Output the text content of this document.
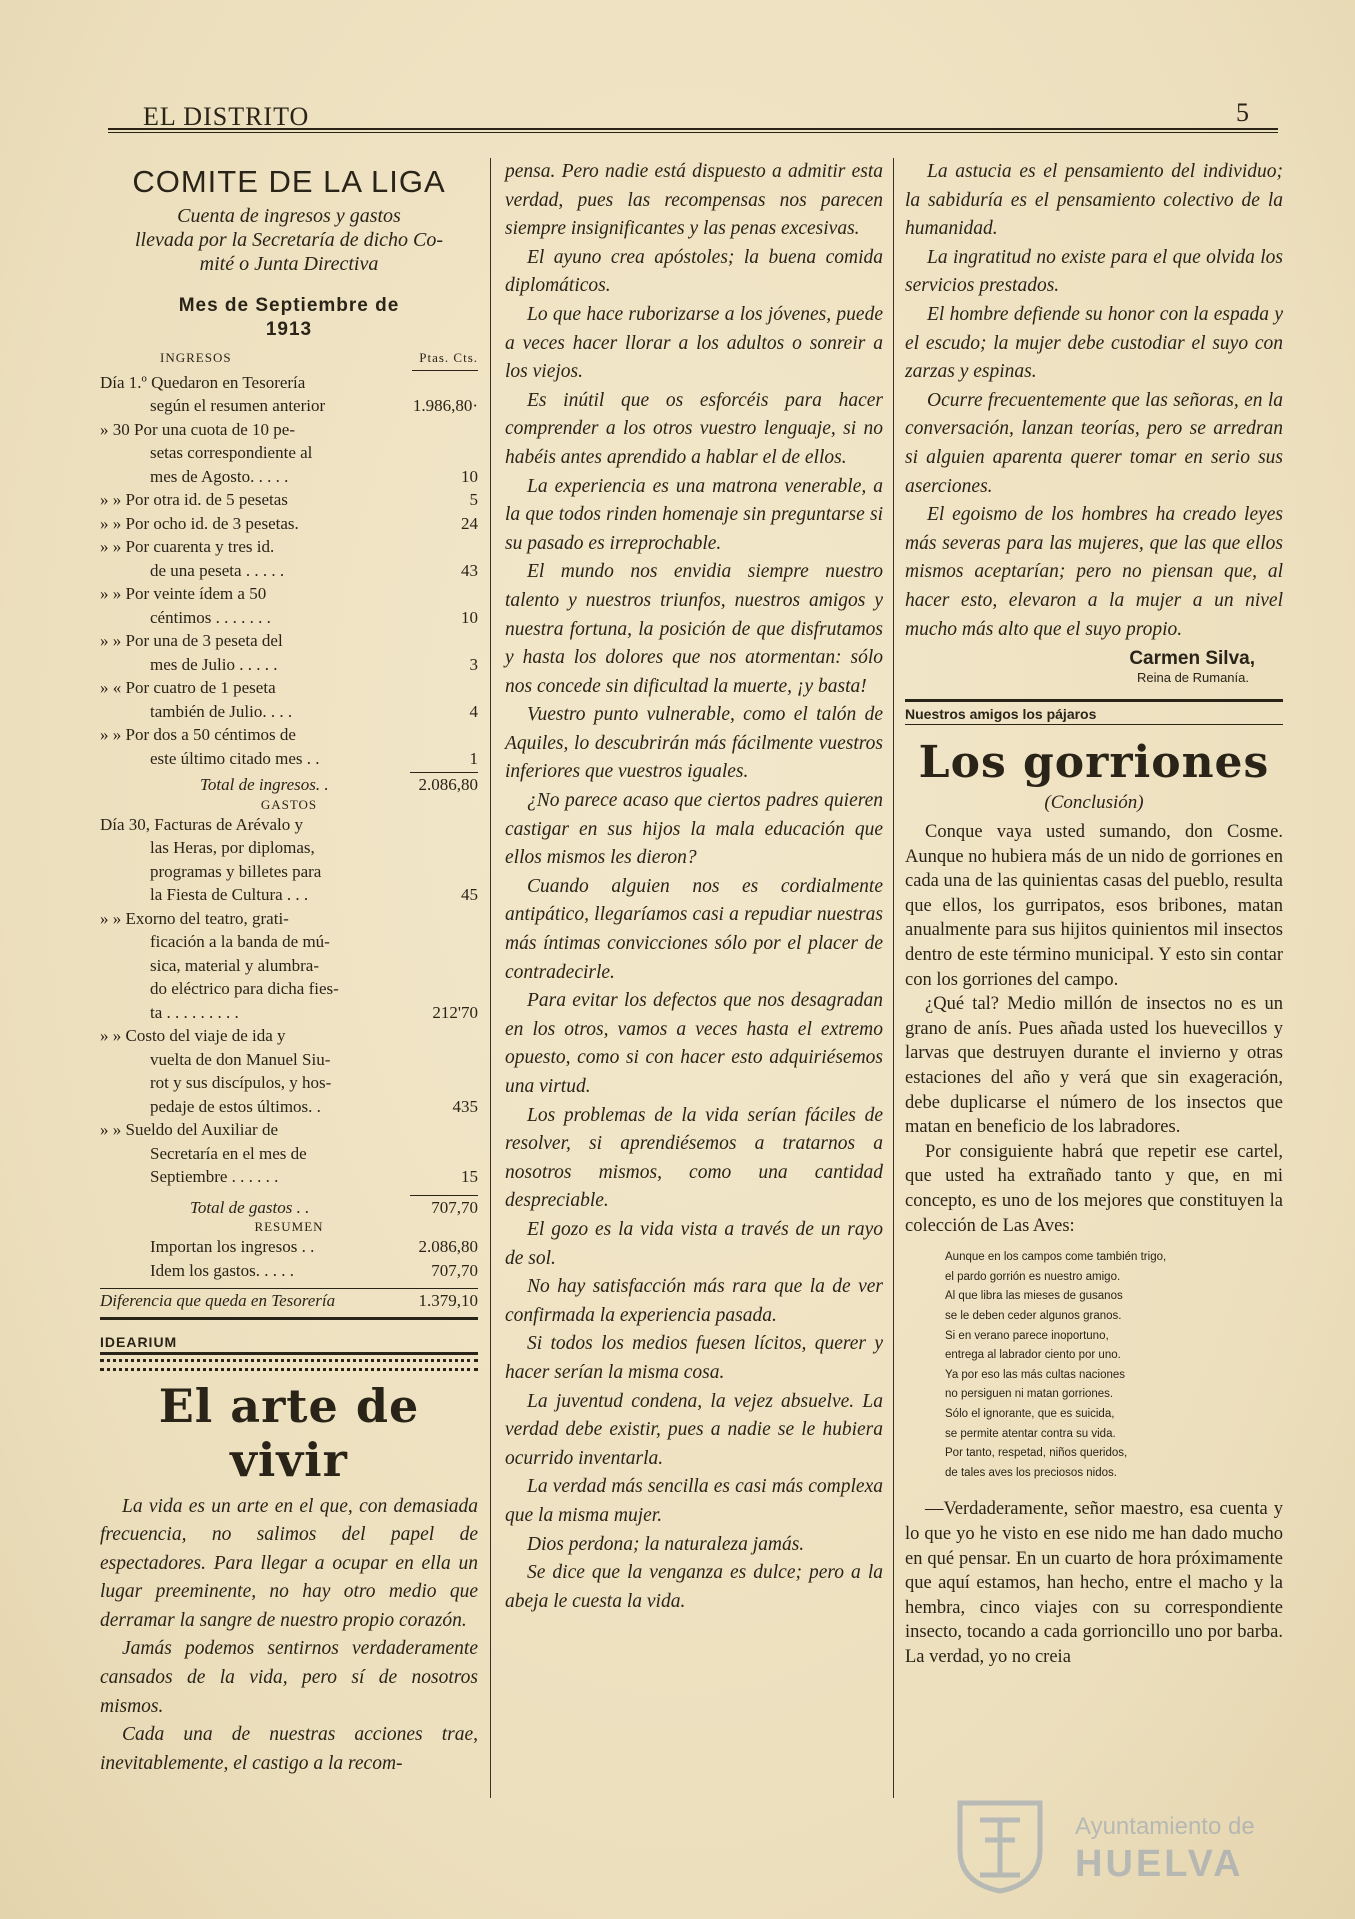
EL DISTRITO	5
COMITE DE LA LIGA
Cuenta de ingresos y gastos
llevada por la Secretaría de dicho Co-
mité o Junta Directiva
Mes de Septiembre de
1913
INGRESOS	Ptas. Cts.
Día 1.º Quedaron en Tesorería
según el resumen anterior	1.986,80·
» 30 Por una cuota de 10 pe-
setas correspondiente al
mes de Agosto. . . . .	10
» » Por otra id. de 5 pesetas	5
» » Por ocho id. de 3 pesetas.	24
» » Por cuarenta y tres id.
de una peseta . . . . .	43
» » Por veinte ídem a 50
céntimos . . . . . . .	10
» » Por una de 3 peseta del
mes de Julio . . . . .	3
» « Por cuatro de 1 peseta
también de Julio. . . .	4
» » Por dos a 50 céntimos de
este último citado mes . .	1
Total de ingresos. .	2.086,80
GASTOS
Día 30, Facturas de Arévalo y
las Heras, por diplomas,
programas y billetes para
la Fiesta de Cultura . . .	45
» » Exorno del teatro, grati-
ficación a la banda de mú-
sica, material y alumbra-
do eléctrico para dicha fies-
ta . . . . . . . . .	212'70
» » Costo del viaje de ida y
vuelta de don Manuel Siu-
rot y sus discípulos, y hos-
pedaje de estos últimos. .	435
» » Sueldo del Auxiliar de
Secretaría en el mes de
Septiembre . . . . . .	15
Total de gastos . .	707,70
RESUMEN
Importan los ingresos . .	2.086,80
Idem los gastos. . . . .	707,70
Diferencia que queda en Tesorería	1.379,10
IDEARIUM
El arte de vivir

La vida es un arte en el que, con demasiada frecuencia, no salimos del papel de espectadores. Para llegar a ocupar en ella un lugar preeminente, no hay otro medio que derramar la sangre de nuestro propio corazón.

Jamás podemos sentirnos verdaderamente cansados de la vida, pero sí de nosotros mismos.

Cada una de nuestras acciones trae, inevitablemente, el castigo a la recom-

pensa. Pero nadie está dispuesto a admitir esta verdad, pues las recompensas nos parecen siempre insignificantes y las penas excesivas.

El ayuno crea apóstoles; la buena comida diplomáticos.

Lo que hace ruborizarse a los jóvenes, puede a veces hacer llorar a los adultos o sonreir a los viejos.

Es inútil que os esforcéis para hacer comprender a los otros vuestro lenguaje, si no habéis antes aprendido a hablar el de ellos.

La experiencia es una matrona venerable, a la que todos rinden homenaje sin preguntarse si su pasado es irreprochable.

El mundo nos envidia siempre nuestro talento y nuestros triunfos, nuestros amigos y nuestra fortuna, la posición de que disfrutamos y hasta los dolores que nos atormentan: sólo nos concede sin dificultad la muerte, ¡y basta!

Vuestro punto vulnerable, como el talón de Aquiles, lo descubrirán más fácilmente vuestros inferiores que vuestros iguales.

¿No parece acaso que ciertos padres quieren castigar en sus hijos la mala educación que ellos mismos les dieron?

Cuando alguien nos es cordialmente antipático, llegaríamos casi a repudiar nuestras más íntimas convicciones sólo por el placer de contradecirle.

Para evitar los defectos que nos desagradan en los otros, vamos a veces hasta el extremo opuesto, como si con hacer esto adquiriésemos una virtud.

Los problemas de la vida serían fáciles de resolver, si aprendiésemos a tratarnos a nosotros mismos, como una cantidad despreciable.

El gozo es la vida vista a través de un rayo de sol.

No hay satisfacción más rara que la de ver confirmada la experiencia pasada.

Si todos los medios fuesen lícitos, querer y hacer serían la misma cosa.

La juventud condena, la vejez absuelve. La verdad debe existir, pues a nadie se le hubiera ocurrido inventarla.

La verdad más sencilla es casi más complexa que la misma mujer.

Dios perdona; la naturaleza jamás.

Se dice que la venganza es dulce; pero a la abeja le cuesta la vida.

La astucia es el pensamiento del individuo; la sabiduría es el pensamiento colectivo de la humanidad.

La ingratitud no existe para el que olvida los servicios prestados.

El hombre defiende su honor con la espada y el escudo; la mujer debe custodiar el suyo con zarzas y espinas.

Ocurre frecuentemente que las señoras, en la conversación, lanzan teorías, pero se arredran si alguien aparenta querer tomar en serio sus aserciones.

El egoismo de los hombres ha creado leyes más severas para las mujeres, que las que ellos mismos aceptarían; pero no piensan que, al hacer esto, elevaron a la mujer a un nivel mucho más alto que el suyo propio.

Carmen Silva,
Reina de Rumanía.
Nuestros amigos los pájaros
Los gorriones
(Conclusión)

Conque vaya usted sumando, don Cosme. Aunque no hubiera más de un nido de gorriones en cada una de las quinientas casas del pueblo, resulta que ellos, los gurripatos, esos bribones, matan anualmente para sus hijitos quinientos mil insectos dentro de este término municipal. Y esto sin contar con los gorriones del campo.

¿Qué tal? Medio millón de insectos no es un grano de anís. Pues añada usted los huevecillos y larvas que destruyen durante el invierno y otras estaciones del año y verá que sin exageración, debe duplicarse el número de los insectos que matan en beneficio de los labradores.

Por consiguiente habrá que repetir ese cartel, que usted ha extrañado tanto y que, en mi concepto, es uno de los mejores que constituyen la colección de Las Aves:

Aunque en los campos come también trigo,
el pardo gorrión es nuestro amigo.
Al que libra las mieses de gusanos
se le deben ceder algunos granos.
Si en verano parece inoportuno,
entrega al labrador ciento por uno.
Ya por eso las más cultas naciones
no persiguen ni matan gorriones.
Sólo el ignorante, que es suicida,
se permite atentar contra su vida.
Por tanto, respetad, niños queridos,
de tales aves los preciosos nidos.

—Verdaderamente, señor maestro, esa cuenta y lo que yo he visto en ese nido me han dado mucho en qué pensar. En un cuarto de hora próximamente que aquí estamos, han hecho, entre el macho y la hembra, cinco viajes con su correspondiente insecto, tocando a cada gorrioncillo uno por barba. La verdad, yo no creia

Ayuntamiento de
HUELVA
